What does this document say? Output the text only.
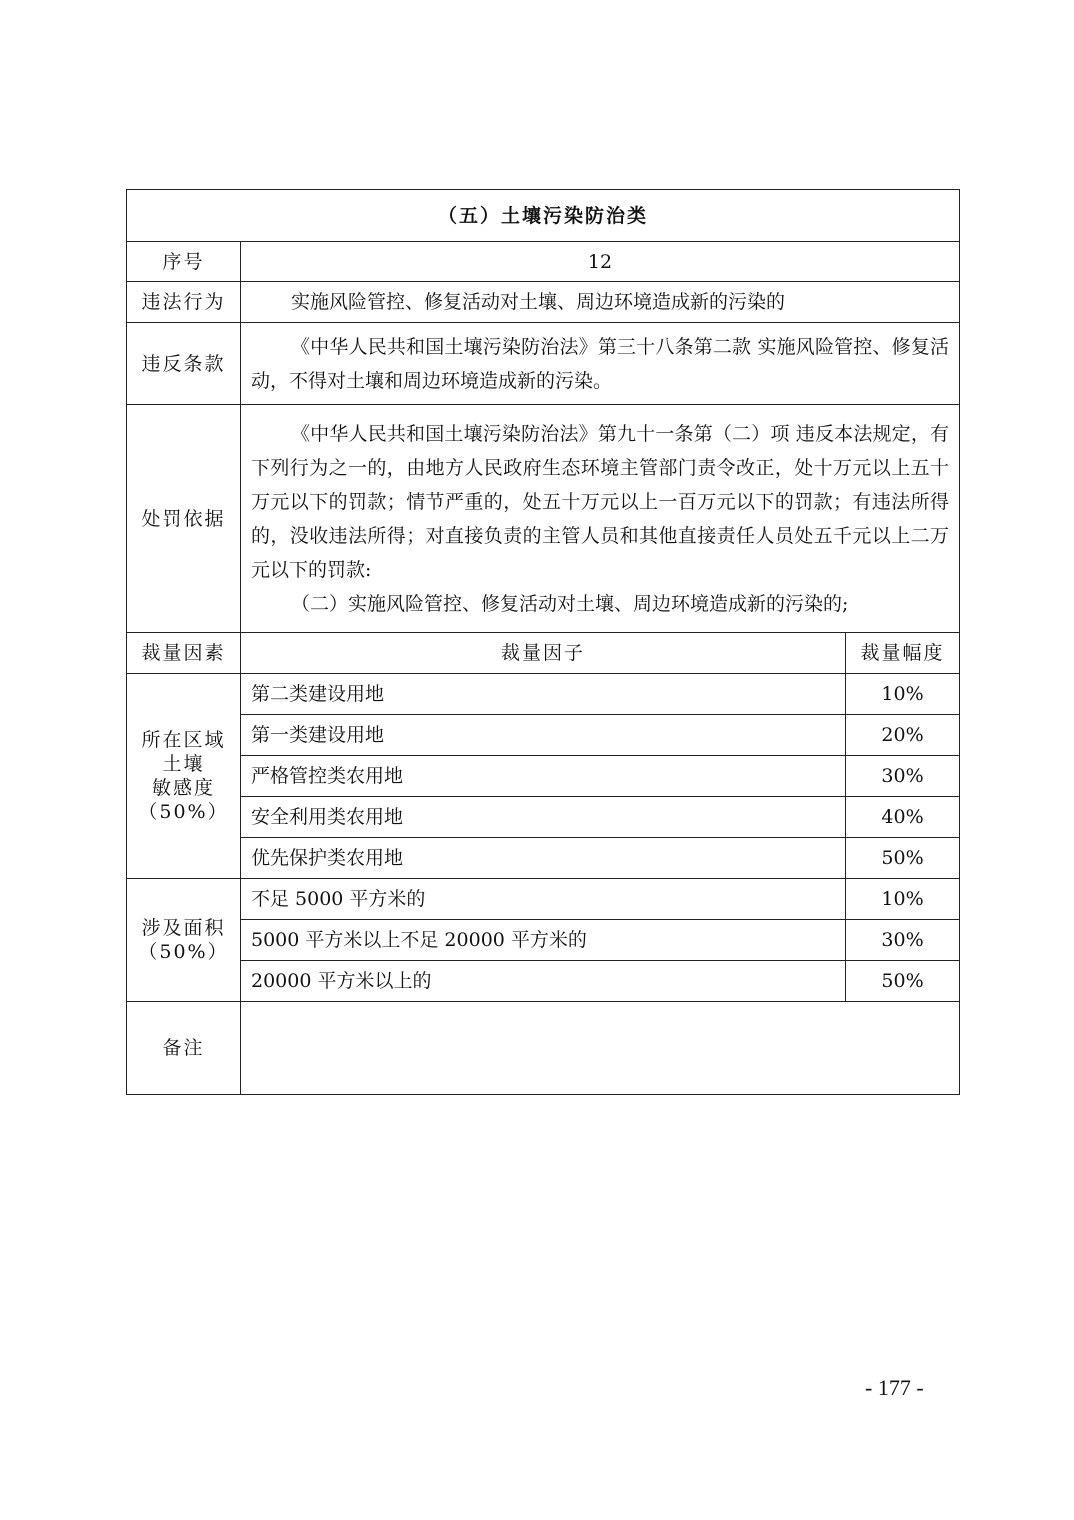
（五）土壤污染防治类		
序号	12	
违法行为	实施风险管控、修复活动对土壤、周边环境造成新的污染的	

违反条款	《中华人民共和国土壤污染防治法》第三十八条第二款 实施风险管控、修复活动，不得对土壤和周边环境造成新的污染。	

处罚依据	《中华人民共和国土壤污染防治法》第九十一条第（二）项 违反本法规定，有下列行为之一的，由地方人民政府生态环境主管部门责令改正，处十万元以上五十万元以下的罚款；情节严重的，处五十万元以上一百万元以下的罚款；有违法所得的，没收违法所得；对直接负责的主管人员和其他直接责任人员处五千元以上二万元以下的罚款:
（二）实施风险管控、修复活动对土壤、周边环境造成新的污染的;	

裁量因素	裁量因子	裁量幅度

所在区域
土壤
敏感度
（50%）	第二类建设用地	10%
	第一类建设用地	20%
	严格管控类农用地	30%
	安全利用类农用地	40%
	优先保护类农用地	50%

涉及面积
（50%）	不足 5000 平方米的	10%
	5000 平方米以上不足 20000 平方米的	30%
	20000 平方米以上的	50%
备注		
- 177 -
